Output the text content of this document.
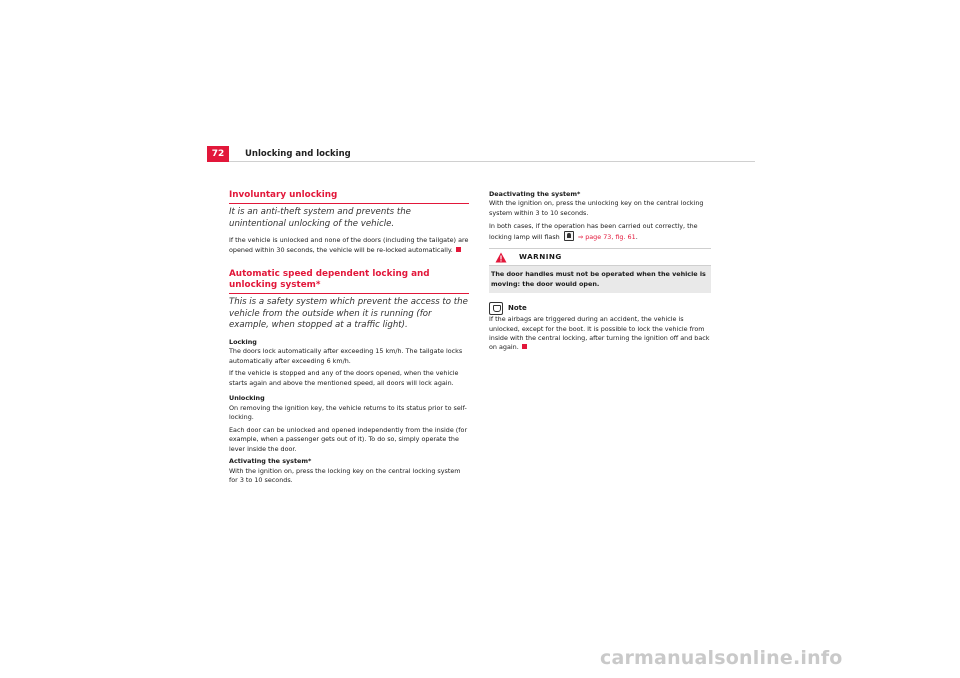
72	Unlocking and locking
Involuntary unlocking
It is an anti-theft system and prevents the unintentional unlocking of the vehicle.

If the vehicle is unlocked and none of the doors (including the tailgate) are opened within 30 seconds, the vehicle will be re-locked automatically.

Automatic speed dependent locking and unlocking system*
This is a safety system which prevent the access to the vehicle from the outside when it is running (for example, when stopped at a traffic light).

Locking

The doors lock automatically after exceeding 15 km/h. The tailgate locks automatically after exceeding 6 km/h.

If the vehicle is stopped and any of the doors opened, when the vehicle starts again and above the mentioned speed, all doors will lock again.

Unlocking

On removing the ignition key, the vehicle returns to its status prior to self-locking.

Each door can be unlocked and opened independently from the inside (for example, when a passenger gets out of it). To do so, simply operate the lever inside the door.

Activating the system*

With the ignition on, press the locking key on the central locking system for 3 to 10 seconds.

Deactivating the system*

With the ignition on, press the unlocking key on the central locking system within 3 to 10 seconds.

In both cases, if the operation has been carried out correctly, the locking lamp will flash	⇒ page 73, fig. 61.

WARNING
The door handles must not be operated when the vehicle is moving: the door would open.
Note

If the airbags are triggered during an accident, the vehicle is unlocked, except for the boot. It is possible to lock the vehicle from inside with the central locking, after turning the ignition off and back on again.

carmanualsonline.info
